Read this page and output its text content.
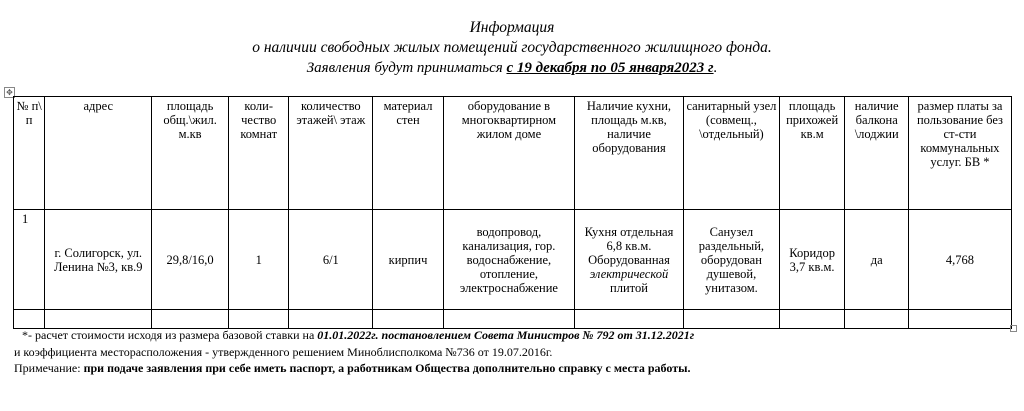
Информация
о наличии свободных жилых помещений государственного жилищного фонда.
Заявления будут приниматься с 19 декабря по 05 января2023 г.
✥
№ п\ п	адрес	площадь общ.\жил. м.кв	коли-чество комнат	количество этажей\ этаж	материал стен	оборудование в многоквартирном жилом доме	Наличие кухни, площадь м.кв, наличие оборудования	санитарный узел (совмещ., \отдельный)	площадь прихожей кв.м	наличие балкона \лоджии	размер платы за пользование без ст-сти коммунальных услуг. БВ *
1	г. Солигорск, ул. Ленина №3, кв.9	29,8/16,0	1	6/1	кирпич	водопровод, канализация, гор. водоснабжение, отопление, электроснабжение	Кухня отдельная 6,8 кв.м. Оборудованная электрической плитой	Санузел раздельный, оборудован душевой, унитазом.	Коридор 3,7 кв.м.	да	4,768

*- расчет стоимости исходя из размера базовой ставки на 01.01.2022г. постановлением Совета Министров № 792 от 31.12.2021г
и коэффициента месторасположения - утвержденного решением Миноблисполкома №736 от 19.07.2016г.
Примечание: при подаче заявления при себе иметь паспорт, а работникам Общества дополнительно справку с места работы.
